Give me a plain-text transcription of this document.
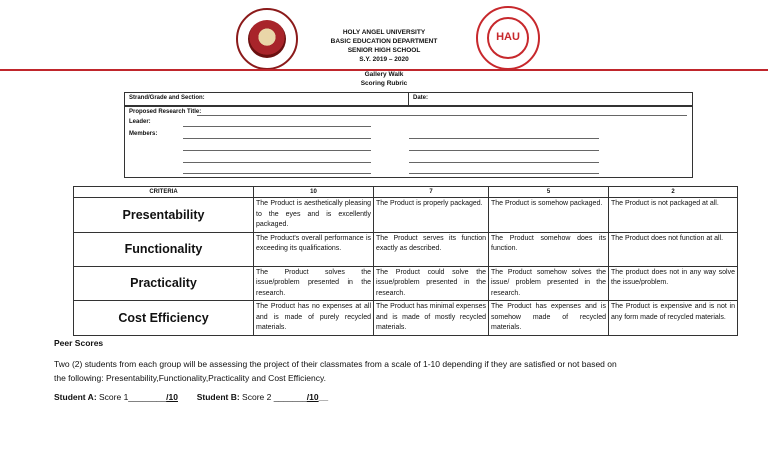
HAU
HOLY ANGEL UNIVERSITY
BASIC EDUCATION DEPARTMENT
SENIOR HIGH SCHOOL
S.Y. 2019 – 2020
Gallery Walk
Scoring Rubric
Strand/Grade and Section:	Date:
Proposed Research Title:
Leader:
Members:
CRITERIA	10	7	5	2
Presentability	The Product is aesthetically pleasing to the eyes and is excellently packaged.	The Product is properly packaged.	The Product is somehow packaged.	The Product is not packaged at all.
Functionality	The Product's overall performance is exceeding its qualifications.	The Product serves its function exactly as described.	The Product somehow does its function.	The Product does not function at all.
Practicality	The Product solves the issue/problem presented in the research.	The Product could solve the issue/problem presented in the research.	The Product somehow solves the issue/ problem presented in the research.	The product does not in any way solve the issue/problem.
Cost Efficiency	The Product has no expenses at all and is made of purely recycled materials.	The Product has minimal expenses and is made of mostly recycled materials.	The Product has expenses and is somehow made of recycled materials.	The Product is expensive and is not in any form made of recycled materials.
Peer Scores
Two (2) students from each group will be assessing the project of their classmates from a scale of 1-10 depending if they are satisfied or not based on
the following: Presentability,Functionality,Practicality and Cost Efficiency.
Student A: Score 1________/10 Student B: Score 2 _______/10__
